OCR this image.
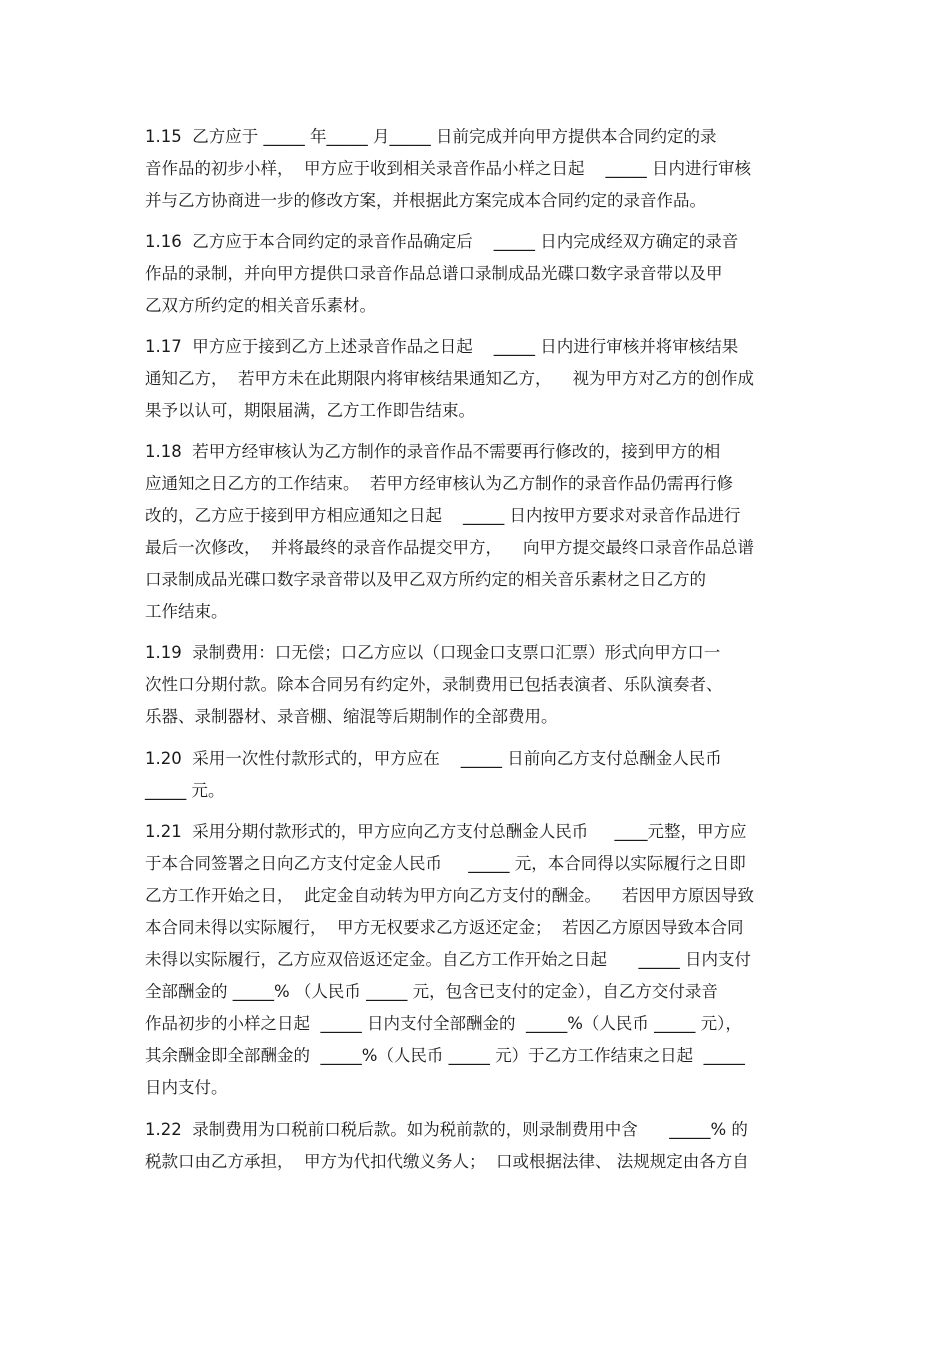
1.15  乙方应于 _____ 年_____ 月_____ 日前完成并向甲方提供本合同约定的录

音作品的初步小样，  甲方应于收到相关录音作品小样之日起    _____ 日内进行审核

并与乙方协商进一步的修改方案，并根据此方案完成本合同约定的录音作品。

1.16  乙方应于本合同约定的录音作品确定后    _____ 日内完成经双方确定的录音

作品的录制，并向甲方提供口录音作品总谱口录制成品光碟口数字录音带以及甲

乙双方所约定的相关音乐素材。

1.17  甲方应于接到乙方上述录音作品之日起    _____ 日内进行审核并将审核结果

通知乙方，  若甲方未在此期限内将审核结果通知乙方，    视为甲方对乙方的创作成

果予以认可，期限届满，乙方工作即告结束。

1.18  若甲方经审核认为乙方制作的录音作品不需要再行修改的，接到甲方的相

应通知之日乙方的工作结束。  若甲方经审核认为乙方制作的录音作品仍需再行修

改的，乙方应于接到甲方相应通知之日起    _____ 日内按甲方要求对录音作品进行

最后一次修改，  并将最终的录音作品提交甲方，    向甲方提交最终口录音作品总谱

口录制成品光碟口数字录音带以及甲乙双方所约定的相关音乐素材之日乙方的

工作结束。

1.19  录制费用：口无偿；口乙方应以（口现金口支票口汇票）形式向甲方口一

次性口分期付款。除本合同另有约定外，录制费用已包括表演者、乐队演奏者、

乐器、录制器材、录音棚、缩混等后期制作的全部费用。

1.20  采用一次性付款形式的，甲方应在    _____ 日前向乙方支付总酬金人民币

_____ 元。

1.21  采用分期付款形式的，甲方应向乙方支付总酬金人民币     ____元整，甲方应

于本合同签署之日向乙方支付定金人民币     _____ 元，本合同得以实际履行之日即

乙方工作开始之日，  此定金自动转为甲方向乙方支付的酬金。    若因甲方原因导致

本合同未得以实际履行，  甲方无权要求乙方返还定金；  若因乙方原因导致本合同

未得以实际履行，乙方应双倍返还定金。自乙方工作开始之日起      _____ 日内支付

全部酬金的 _____% （人民币 _____ 元，包含已支付的定金），自乙方交付录音

作品初步的小样之日起  _____ 日内支付全部酬金的  _____%（人民币 _____ 元），

其余酬金即全部酬金的  _____%（人民币 _____ 元）于乙方工作结束之日起  _____

日内支付。

1.22  录制费用为口税前口税后款。如为税前款的，则录制费用中含      _____% 的

税款口由乙方承担，  甲方为代扣代缴义务人；  口或根据法律、 法规规定由各方自
